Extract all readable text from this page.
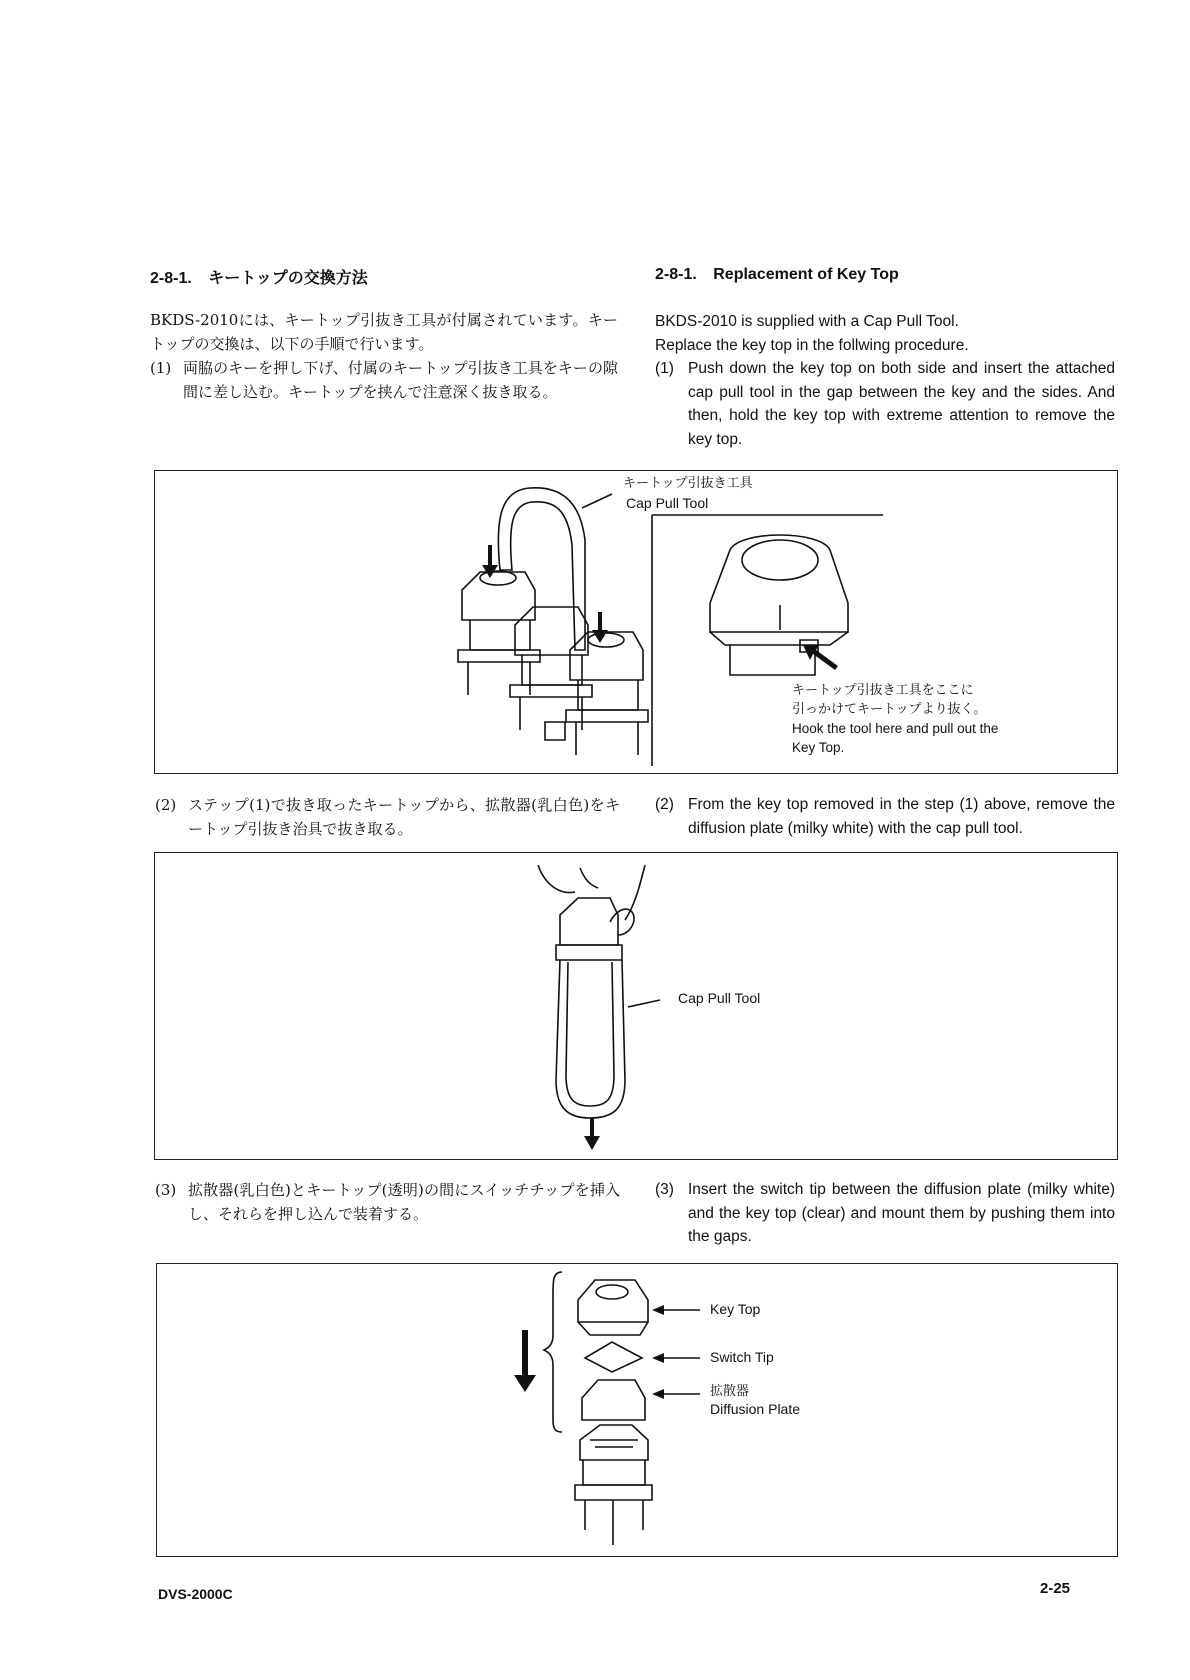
2-8-1. キートップの交換方法	2-8-1. Replacement of Key Top

BKDS-2010には、キートップ引抜き工具が付属されています。キートップの交換は、以下の手順で行います。

(1) 両脇のキーを押し下げ、付属のキートップ引抜き工具をキーの隙間に差し込む。キートップを挟んで注意深く抜き取る。

BKDS-2010 is supplied with a Cap Pull Tool.

Replace the key top in the follwing procedure.

(1) Push down the key top on both side and insert the attached cap pull tool in the gap between the key and the sides. And then, hold the key top with extreme attention to remove the key top.
キートップ引抜き工具
Cap Pull Tool
キートップ引抜き工具をここに
引っかけてキートップより抜く。
Hook the tool here and pull out the
Key Top.
(2) ステップ(1)で抜き取ったキートップから、拡散器(乳白色)をキートップ引抜き治具で抜き取る。
(2) From the key top removed in the step (1) above, remove the diffusion plate (milky white) with the cap pull tool.
Cap Pull Tool
(3) 拡散器(乳白色)とキートップ(透明)の間にスイッチチップを挿入し、それらを押し込んで装着する。
(3) Insert the switch tip between the diffusion plate (milky white) and the key top (clear) and mount them by pushing them into the gaps.
Key Top
Switch Tip
拡散器
Diffusion Plate
DVS-2000C	2-25
